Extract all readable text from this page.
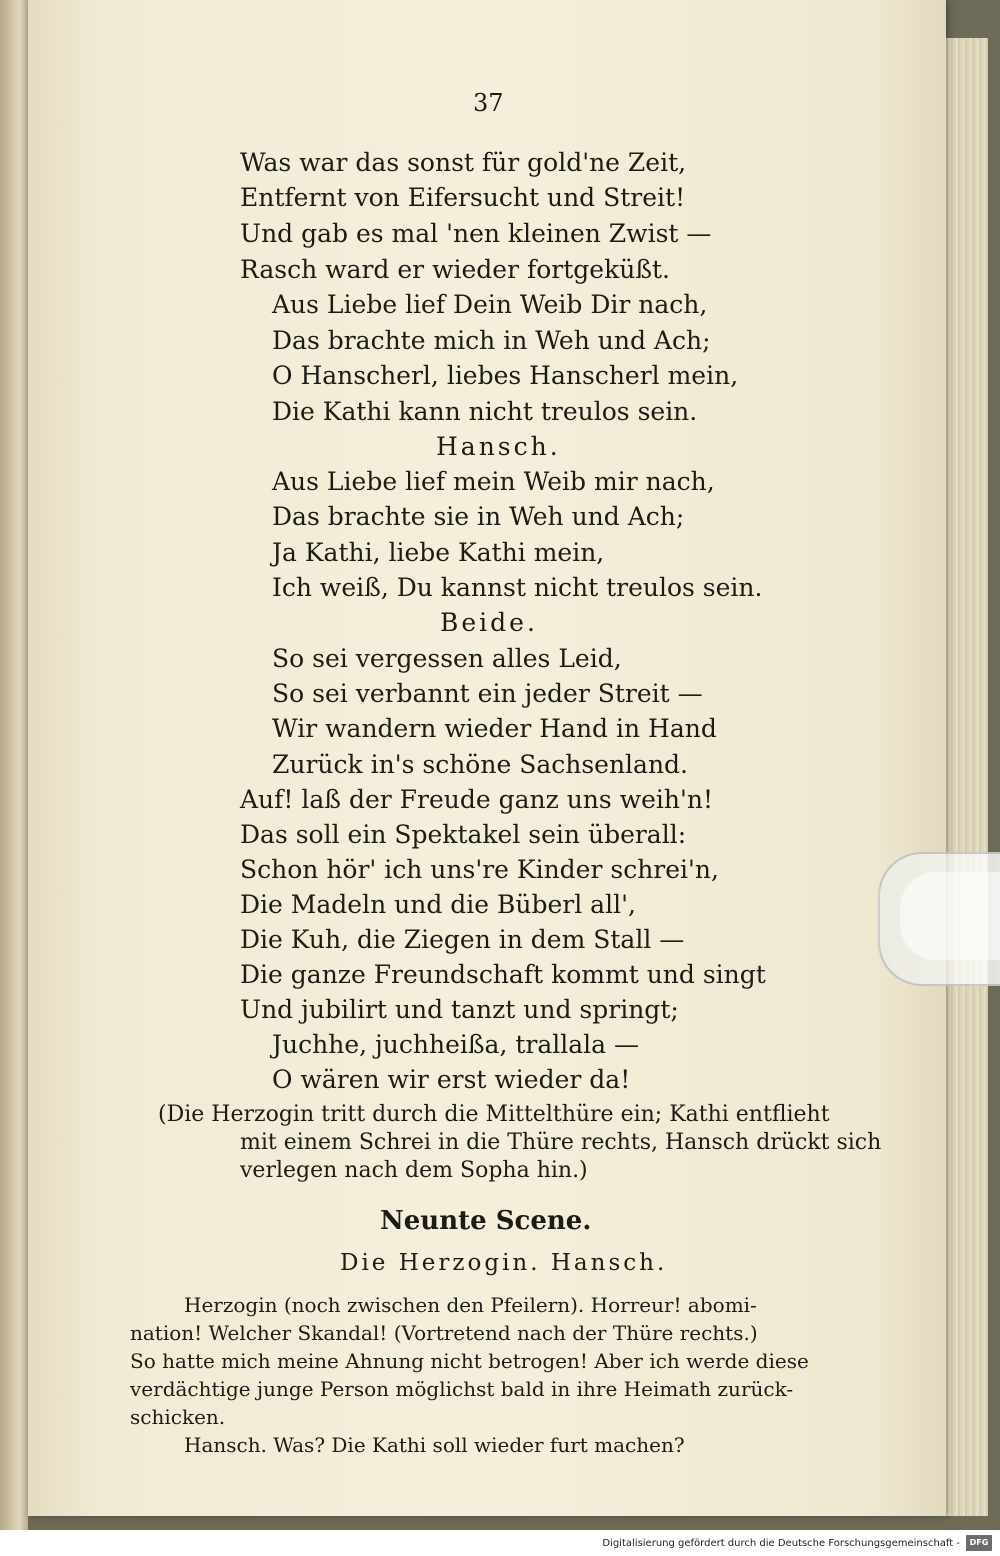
37
Was war das sonst für gold'ne Zeit,
Entfernt von Eifersucht und Streit!
Und gab es mal 'nen kleinen Zwist —
Rasch ward er wieder fortgeküßt.
Aus Liebe lief Dein Weib Dir nach,
Das brachte mich in Weh und Ach;
O Hanscherl, liebes Hanscherl mein,
Die Kathi kann nicht treulos sein.
Hansch.
Aus Liebe lief mein Weib mir nach,
Das brachte sie in Weh und Ach;
Ja Kathi, liebe Kathi mein,
Ich weiß, Du kannst nicht treulos sein.
Beide.
So sei vergessen alles Leid,
So sei verbannt ein jeder Streit —
Wir wandern wieder Hand in Hand
Zurück in's schöne Sachsenland.
Auf! laß der Freude ganz uns weih'n!
Das soll ein Spektakel sein überall:
Schon hör' ich uns're Kinder schrei'n,
Die Madeln und die Büberl all',
Die Kuh, die Ziegen in dem Stall —
Die ganze Freundschaft kommt und singt
Und jubilirt und tanzt und springt;
Juchhe, juchheißa, trallala —
O wären wir erst wieder da!
(Die Herzogin tritt durch die Mittelthüre ein; Kathi entflieht
mit einem Schrei in die Thüre rechts, Hansch drückt sich
verlegen nach dem Sopha hin.)
Neunte Scene.
Die Herzogin. Hansch.
Herzogin (noch zwischen den Pfeilern). Horreur! abomi-
nation! Welcher Skandal! (Vortretend nach der Thüre rechts.)
So hatte mich meine Ahnung nicht betrogen! Aber ich werde diese
verdächtige junge Person möglichst bald in ihre Heimath zurück-
schicken.
Hansch. Was? Die Kathi soll wieder furt machen?
Digitalisierung gefördert durch die Deutsche Forschungsgemeinschaft -	DFG
